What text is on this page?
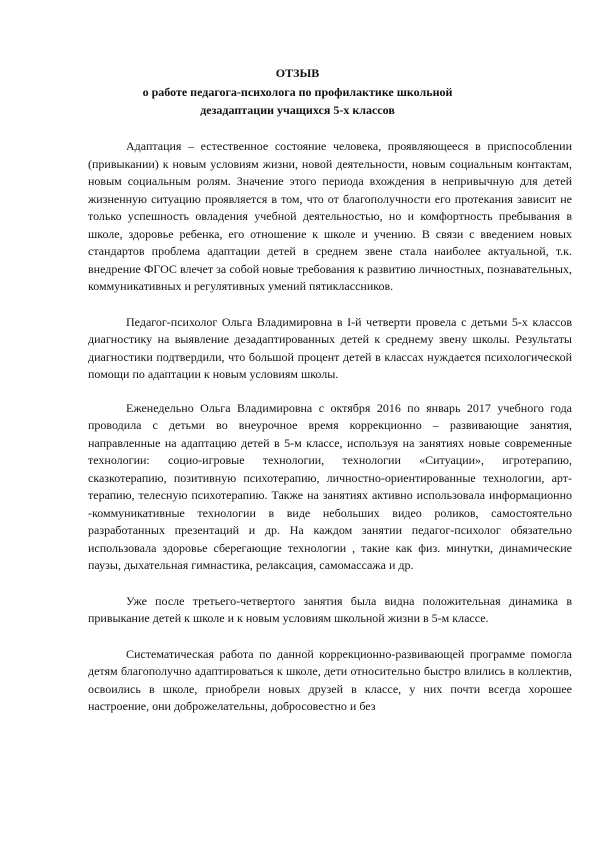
ОТЗЫВ
о работе педагога-психолога по профилактике школьной
дезадаптации учащихся 5-х классов

Адаптация – естественное состояние человека, проявляющееся в приспособлении (привыкании) к новым условиям жизни, новой деятельности, новым социальным контактам, новым социальным ролям. Значение этого периода вхождения в непривычную для детей жизненную ситуацию проявляется в том, что от благополучности его протекания зависит не только успешность овладения учебной деятельностью, но и комфортность пребывания в школе, здоровье ребенка, его отношение к школе и учению. В связи с введением новых стандартов проблема адаптации детей в среднем звене стала наиболее актуальной, т.к. внедрение ФГОС влечет за собой новые требования к развитию личностных, познавательных, коммуникативных и регулятивных умений пятиклассников.

Педагог-психолог Ольга Владимировна в I-й четверти провела с детьми 5-х классов диагностику на выявление дезадаптированных детей к среднему звену школы. Результаты диагностики подтвердили, что большой процент детей в классах нуждается психологической помощи по адаптации к новым условиям школы.

Еженедельно Ольга Владимировна с октября 2016 по январь 2017 учебного года проводила с детьми во внеурочное время коррекционно – развивающие занятия, направленные на адаптацию детей в 5-м классе, используя на занятиях новые современные технологии: социо-игровые технологии, технологии «Ситуации», игротерапию, сказкотерапию, позитивную психотерапию, личностно-ориентированные технологии, арт-терапию, телесную психотерапию. Также на занятиях активно использовала информационно -коммуникативные технологии в виде небольших видео роликов, самостоятельно разработанных презентаций и др. На каждом занятии педагог-психолог обязательно использовала здоровье сберегающие технологии , такие как физ. минутки, динамические паузы, дыхательная гимнастика, релаксация, самомассажа и др.

Уже после третьего-четвертого занятия была видна положительная динамика в привыкание детей к школе и к новым условиям школьной жизни в 5-м классе.

Систематическая работа по данной коррекционно-развивающей программе помогла детям благополучно адаптироваться к школе, дети относительно быстро влились в коллектив, освоились в школе, приобрели новых друзей в классе, у них почти всегда хорошее настроение, они доброжелательны, добросовестно и без
